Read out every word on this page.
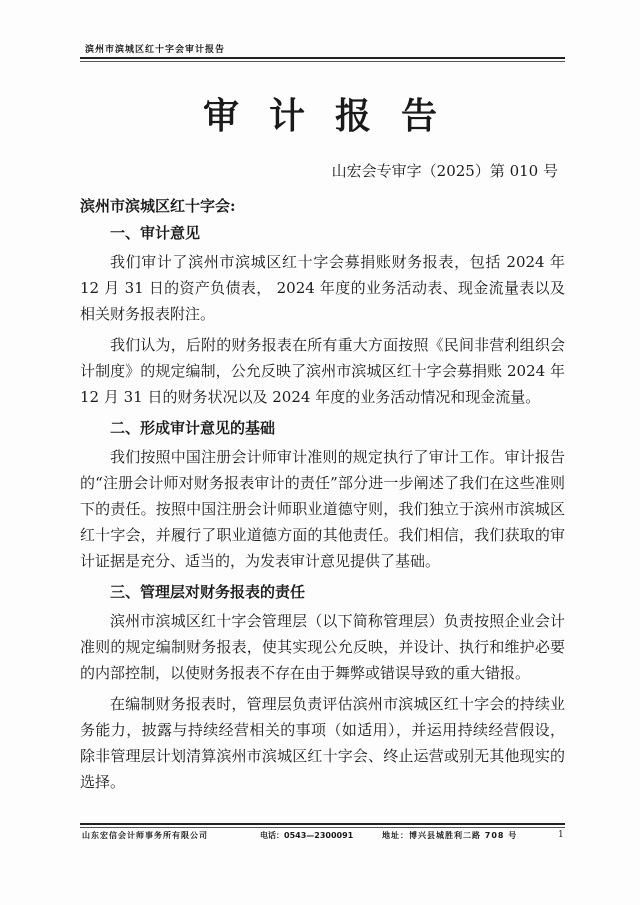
滨州市滨城区红十字会审计报告
审计报告
山宏会专审字（2025）第 010 号
滨州市滨城区红十字会:
一、审计意见

我们审计了滨州市滨城区红十字会募捐账财务报表，包括 2024 年 12 月 31 日的资产负债表， 2024 年度的业务活动表、现金流量表以及相关财务报表附注。

我们认为，后附的财务报表在所有重大方面按照《民间非营利组织会计制度》的规定编制，公允反映了滨州市滨城区红十字会募捐账 2024 年 12 月 31 日的财务状况以及 2024 年度的业务活动情况和现金流量。

二、形成审计意见的基础

我们按照中国注册会计师审计准则的规定执行了审计工作。审计报告的“注册会计师对财务报表审计的责任”部分进一步阐述了我们在这些准则下的责任。按照中国注册会计师职业道德守则，我们独立于滨州市滨城区红十字会，并履行了职业道德方面的其他责任。我们相信，我们获取的审计证据是充分、适当的，为发表审计意见提供了基础。

三、管理层对财务报表的责任

滨州市滨城区红十字会管理层（以下简称管理层）负责按照企业会计准则的规定编制财务报表，使其实现公允反映，并设计、执行和维护必要的内部控制，以使财务报表不存在由于舞弊或错误导致的重大错报。

在编制财务报表时，管理层负责评估滨州市滨城区红十字会的持续业务能力，披露与持续经营相关的事项（如适用），并运用持续经营假设，除非管理层计划清算滨州市滨城区红十字会、终止运营或别无其他现实的选择。

山东宏信会计师事务所有限公司	电话：0543—2300091	地址：博兴县城胜利二路 708 号	1
